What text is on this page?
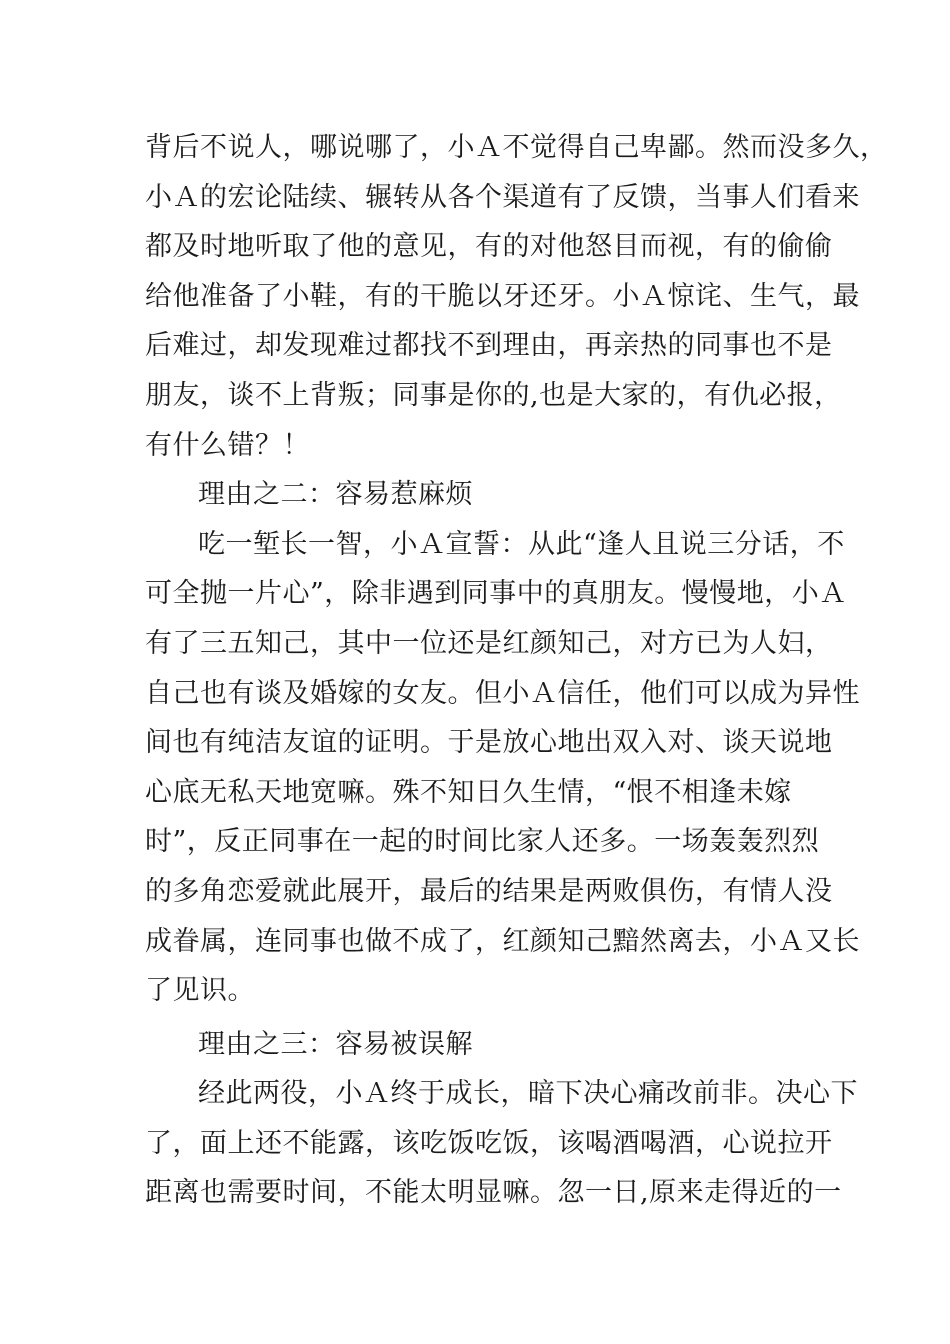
背后不说人，哪说哪了，小Ａ不觉得自己卑鄙。然而没多久，
小Ａ的宏论陆续、辗转从各个渠道有了反馈，当事人们看来
都及时地听取了他的意见，有的对他怒目而视，有的偷偷
给他准备了小鞋，有的干脆以牙还牙。小Ａ惊诧、生气，最
后难过，却发现难过都找不到理由，再亲热的同事也不是
朋友，谈不上背叛；同事是你的,也是大家的，有仇必报，
有什么错？！
理由之二：容易惹麻烦
吃一堑长一智，小Ａ宣誓：从此“逢人且说三分话，不
可全抛一片心”，除非遇到同事中的真朋友。慢慢地，小Ａ
有了三五知己，其中一位还是红颜知己，对方已为人妇，
自己也有谈及婚嫁的女友。但小Ａ信任，他们可以成为异性
间也有纯洁友谊的证明。于是放心地出双入对、谈天说地
心底无私天地宽嘛。殊不知日久生情，“恨不相逢未嫁
时”，反正同事在一起的时间比家人还多。一场轰轰烈烈
的多角恋爱就此展开，最后的结果是两败俱伤，有情人没
成眷属，连同事也做不成了，红颜知己黯然离去，小Ａ又长
了见识。
理由之三：容易被误解
经此两役，小Ａ终于成长，暗下决心痛改前非。决心下
了，面上还不能露，该吃饭吃饭，该喝酒喝酒，心说拉开
距离也需要时间，不能太明显嘛。忽一日,原来走得近的一
